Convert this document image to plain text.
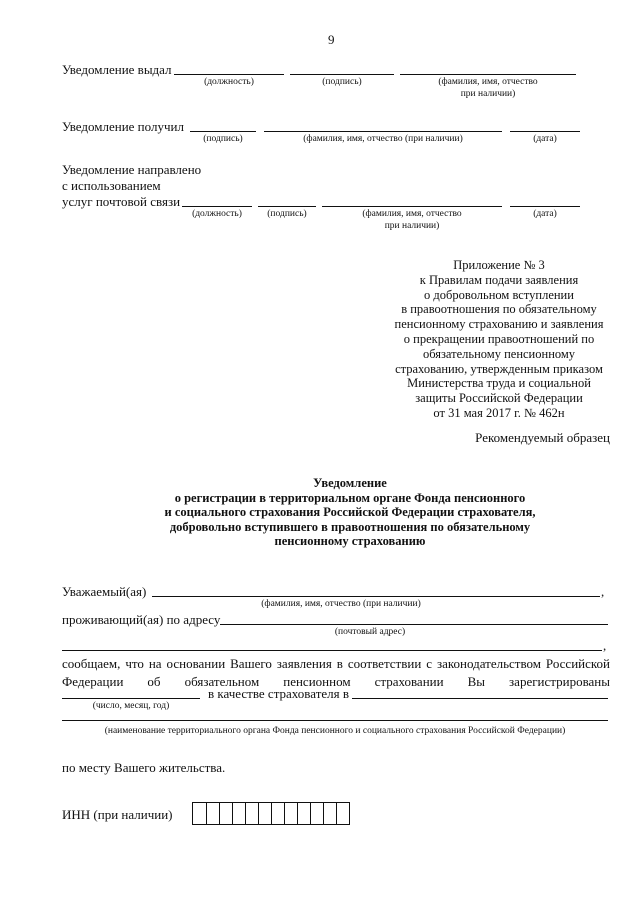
9
Уведомление выдал
(должность)	(подпись)	(фамилия, имя, отчество
при наличии)
Уведомление получил
(подпись)	(фамилия, имя, отчество (при наличии)	(дата)
Уведомление направлено
с использованием
услуг почтовой связи
(должность)	(подпись)	(фамилия, имя, отчество
при наличии)
(дата)
Приложение № 3
к Правилам подачи заявления
о добровольном вступлении
в правоотношения по обязательному
пенсионному страхованию и заявления
о прекращении правоотношений по
обязательному пенсионному
страхованию, утвержденным приказом
Министерства труда и социальной
защиты Российской Федерации
от 31 мая 2017 г. № 462н
Рекомендуемый образец
Уведомление
о регистрации в территориальном органе Фонда пенсионного
и социального страхования Российской Федерации страхователя,
добровольно вступившего в правоотношения по обязательному
пенсионному страхованию
Уважаемый(ая)	,
(фамилия, имя, отчество (при наличии)
проживающий(ая) по адресу
(почтовый адрес)
,
сообщаем, что на основании Вашего заявления в соответствии с законодательством Российской
Федерации об обязательном пенсионном страховании Вы зарегистрированы
в качестве страхователя в
(число, месяц, год)
(наименование территориального органа Фонда пенсионного и социального страхования Российской Федерации)
по месту Вашего жительства.
ИНН (при наличии)
